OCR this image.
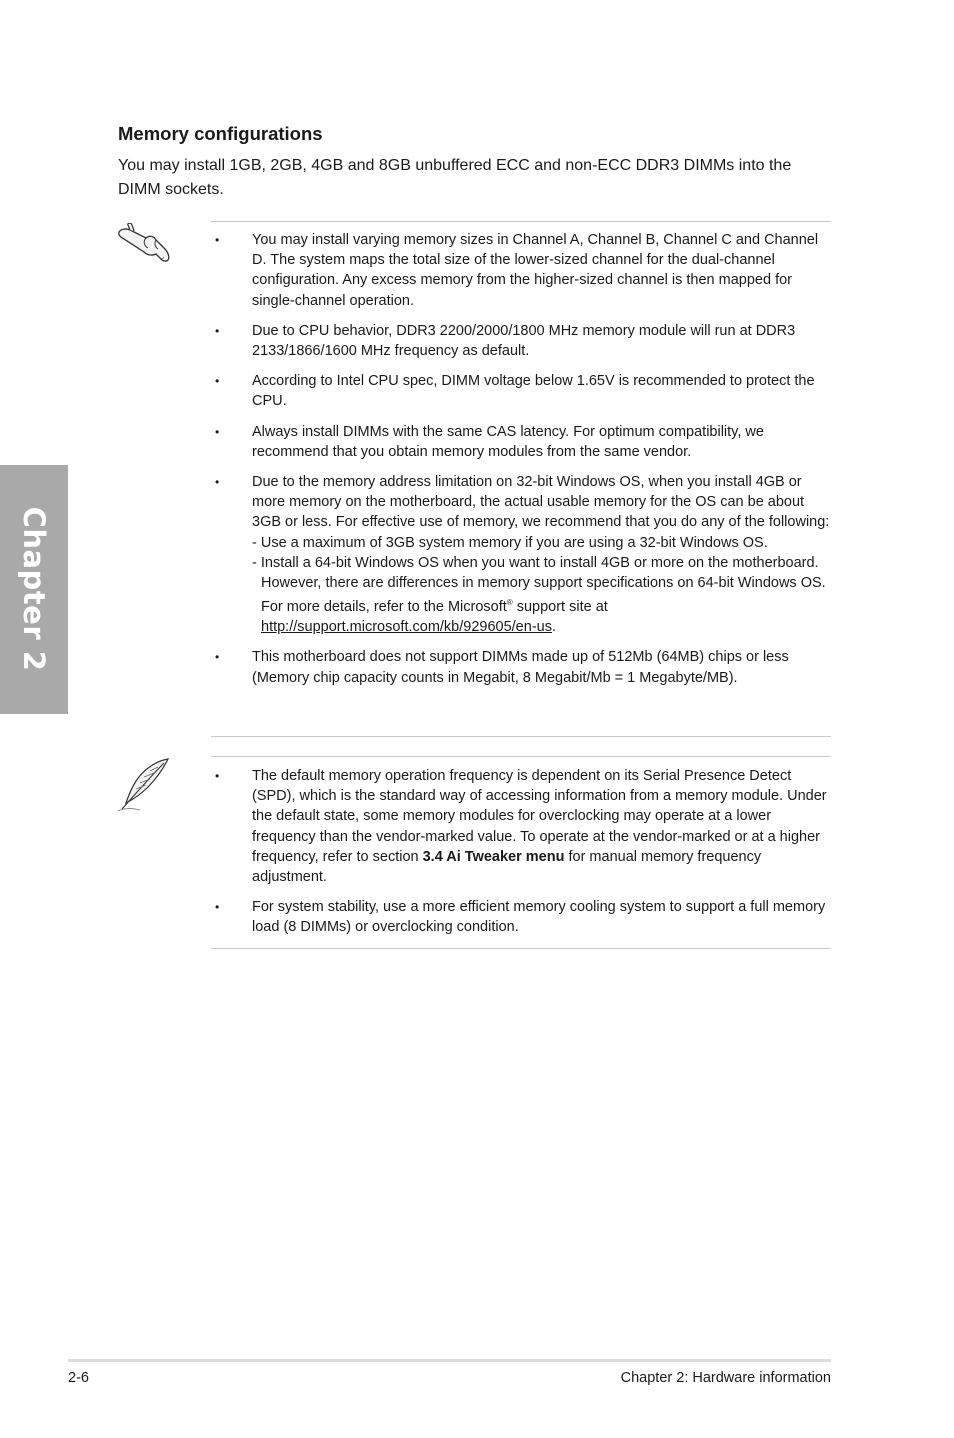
Chapter 2
Memory configurations

You may install 1GB, 2GB, 4GB and 8GB unbuffered ECC and non-ECC DDR3 DIMMs into the DIMM sockets.

• You may install varying memory sizes in Channel A, Channel B, Channel C and Channel D. The system maps the total size of the lower-sized channel for the dual-channel configuration. Any excess memory from the higher-sized channel is then mapped for single-channel operation.
• Due to CPU behavior, DDR3 2200/2000/1800 MHz memory module will run at DDR3 2133/1866/1600 MHz frequency as default.
• According to Intel CPU spec, DIMM voltage below 1.65V is recommended to protect the CPU.
• Always install DIMMs with the same CAS latency. For optimum compatibility, we recommend that you obtain memory modules from the same vendor.
• Due to the memory address limitation on 32-bit Windows OS, when you install 4GB or more memory on the motherboard, the actual usable memory for the OS can be about 3GB or less. For effective use of memory, we recommend that you do any of the following:
- Use a maximum of 3GB system memory if you are using a 32-bit Windows OS.
- Install a 64-bit Windows OS when you want to install 4GB or more on the motherboard. However, there are differences in memory support specifications on 64-bit Windows OS.
For more details, refer to the Microsoft® support site at
http://support.microsoft.com/kb/929605/en-us.
• This motherboard does not support DIMMs made up of 512Mb (64MB) chips or less (Memory chip capacity counts in Megabit, 8 Megabit/Mb = 1 Megabyte/MB).
• The default memory operation frequency is dependent on its Serial Presence Detect (SPD), which is the standard way of accessing information from a memory module. Under the default state, some memory modules for overclocking may operate at a lower frequency than the vendor-marked value. To operate at the vendor-marked or at a higher frequency, refer to section 3.4 Ai Tweaker menu for manual memory frequency adjustment.
• For system stability, use a more efficient memory cooling system to support a full memory load (8 DIMMs) or overclocking condition.
2-6	Chapter 2: Hardware information
